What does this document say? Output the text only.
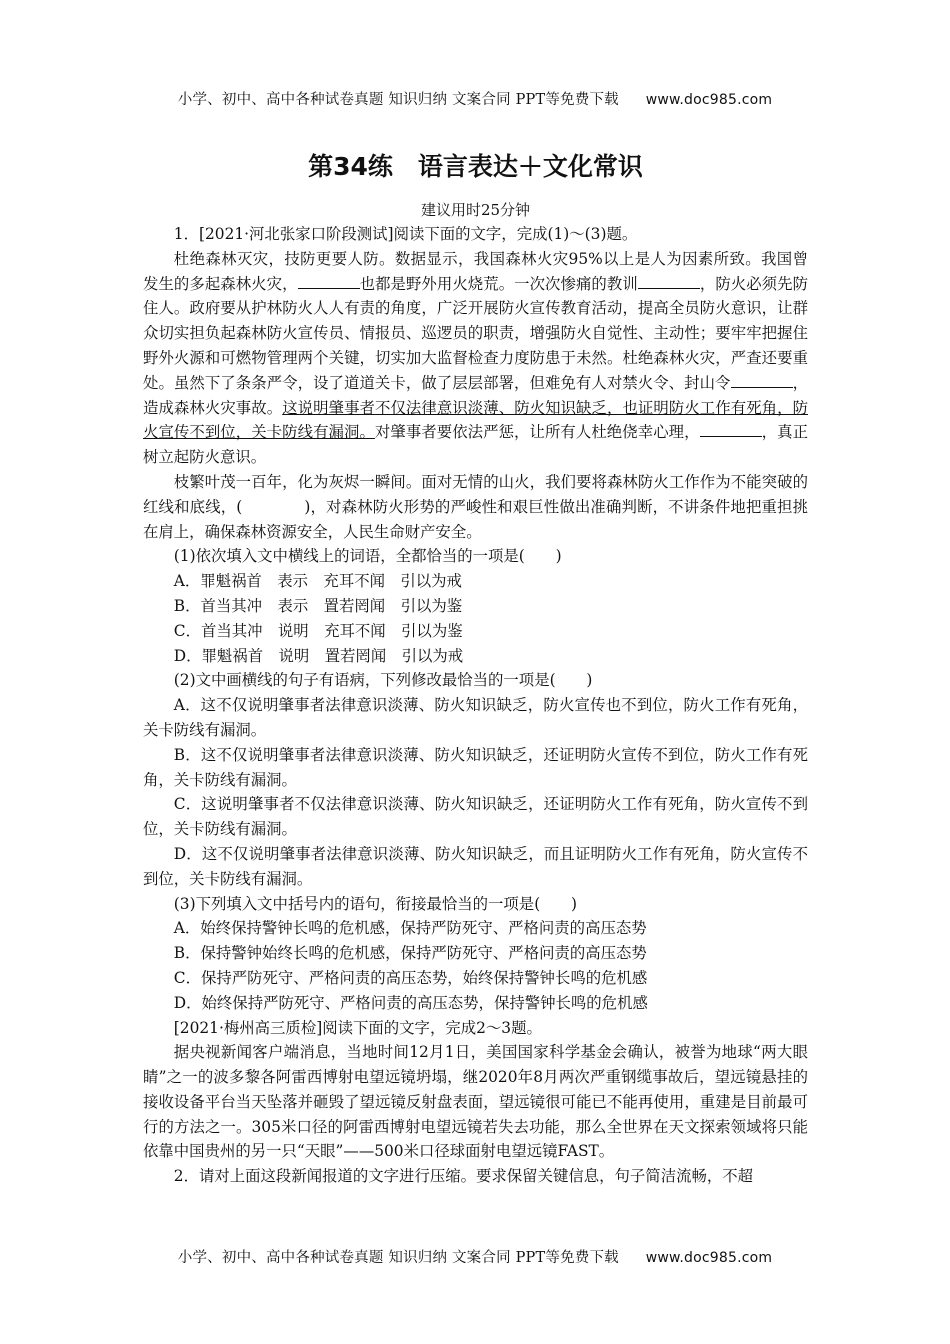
小学、初中、高中各种试卷真题 知识归纳 文案合同 PPT等免费下载 www.doc985.com
第34练　语言表达＋文化常识

建议用时25分钟

1．[2021·河北张家口阶段测试]阅读下面的文字，完成(1)～(3)题。

杜绝森林灭灾，技防更要人防。数据显示，我国森林火灾95%以上是人为因素所致。我国曾发生的多起森林火灾，	也都是野外用火烧荒。一次次惨痛的教训	，防火必须先防住人。政府要从护林防火人人有责的角度，广泛开展防火宣传教育活动，提高全员防火意识，让群众切实担负起森林防火宣传员、情报员、巡逻员的职责，增强防火自觉性、主动性；要牢牢把握住野外火源和可燃物管理两个关键，切实加大监督检查力度防患于未然。杜绝森林火灾，严查还要重处。虽然下了条条严令，设了道道关卡，做了层层部署，但难免有人对禁火令、封山令	，造成森林火灾事故。这说明肇事者不仅法律意识淡薄、防火知识缺乏，也证明防火工作有死角，防火宣传不到位，关卡防线有漏洞。对肇事者要依法严惩，让所有人杜绝侥幸心理，	，真正树立起防火意识。

枝繁叶茂一百年，化为灰烬一瞬间。面对无情的山火，我们要将森林防火工作作为不能突破的红线和底线，(	)，对森林防火形势的严峻性和艰巨性做出准确判断，不讲条件地把重担挑在肩上，确保森林资源安全，人民生命财产安全。

(1)依次填入文中横线上的词语，全都恰当的一项是(　　)

A．罪魁祸首　表示　充耳不闻　引以为戒

B．首当其冲　表示　置若罔闻　引以为鉴

C．首当其冲　说明　充耳不闻　引以为鉴

D．罪魁祸首　说明　置若罔闻　引以为戒

(2)文中画横线的句子有语病，下列修改最恰当的一项是(　　)

A．这不仅说明肇事者法律意识淡薄、防火知识缺乏，防火宣传也不到位，防火工作有死角，关卡防线有漏洞。

B．这不仅说明肇事者法律意识淡薄、防火知识缺乏，还证明防火宣传不到位，防火工作有死角，关卡防线有漏洞。

C．这说明肇事者不仅法律意识淡薄、防火知识缺乏，还证明防火工作有死角，防火宣传不到位，关卡防线有漏洞。

D．这不仅说明肇事者法律意识淡薄、防火知识缺乏，而且证明防火工作有死角，防火宣传不到位，关卡防线有漏洞。

(3)下列填入文中括号内的语句，衔接最恰当的一项是(　　)

A．始终保持警钟长鸣的危机感，保持严防死守、严格问责的高压态势

B．保持警钟始终长鸣的危机感，保持严防死守、严格问责的高压态势

C．保持严防死守、严格问责的高压态势，始终保持警钟长鸣的危机感

D．始终保持严防死守、严格问责的高压态势，保持警钟长鸣的危机感

[2021·梅州高三质检]阅读下面的文字，完成2～3题。

据央视新闻客户端消息，当地时间12月1日，美国国家科学基金会确认，被誉为地球“两大眼睛”之一的波多黎各阿雷西博射电望远镜坍塌，继2020年8月两次严重钢缆事故后，望远镜悬挂的接收设备平台当天坠落并砸毁了望远镜反射盘表面，望远镜很可能已不能再使用，重建是目前最可行的方法之一。305米口径的阿雷西博射电望远镜若失去功能，那么全世界在天文探索领域将只能依靠中国贵州的另一只“天眼”——500米口径球面射电望远镜FAST。

2．请对上面这段新闻报道的文字进行压缩。要求保留关键信息，句子简洁流畅，不超

小学、初中、高中各种试卷真题 知识归纳 文案合同 PPT等免费下载 www.doc985.com
